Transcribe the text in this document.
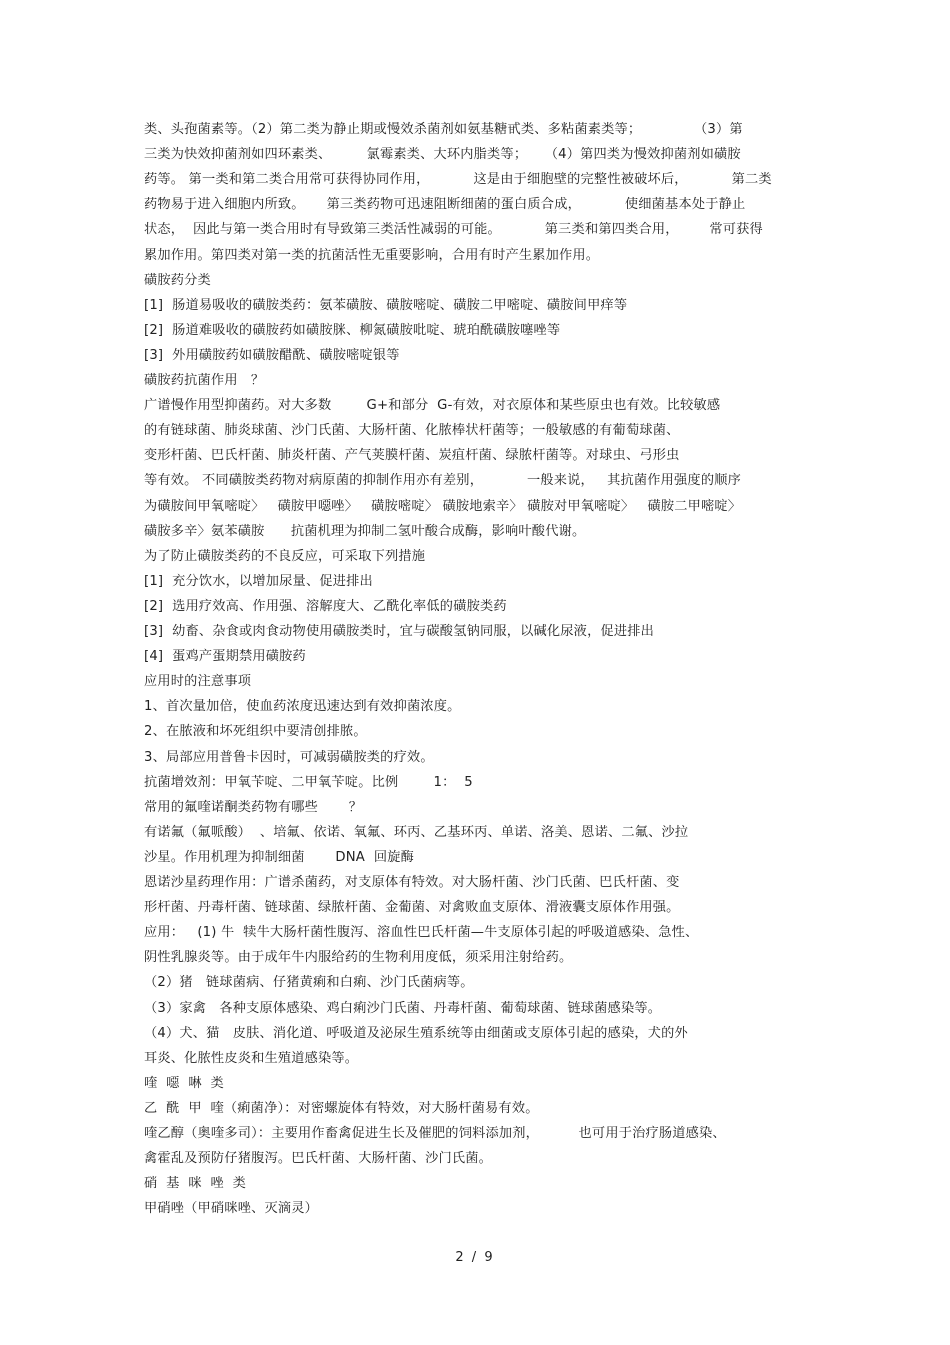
类、头孢菌素等。（2）第二类为静止期或慢效杀菌剂如氨基糖甙类、多粘菌素类等；            （3）第
三类为快效抑菌剂如四环素类、        氯霉素类、大环内脂类等；    （4）第四类为慢效抑菌剂如磺胺
药等。 第一类和第二类合用常可获得协同作用，          这是由于细胞壁的完整性被破坏后，          第二类
药物易于进入细胞内所致。     第三类药物可迅速阻断细菌的蛋白质合成，          使细菌基本处于静止
状态，  因此与第一类合用时有导致第三类活性减弱的可能。          第三类和第四类合用，       常可获得
累加作用。第四类对第一类的抗菌活性无重要影响，合用有时产生累加作用。
磺胺药分类
[1]  肠道易吸收的磺胺类药：氨苯磺胺、磺胺嘧啶、磺胺二甲嘧啶、磺胺间甲痒等
[2]  肠道难吸收的磺胺药如磺胺脒、柳氮磺胺吡啶、琥珀酰磺胺噻唑等
[3]  外用磺胺药如磺胺醋酰、磺胺嘧啶银等
磺胺药抗菌作用   ？
广谱慢作用型抑菌药。对大多数        G+和部分  G-有效，对衣原体和某些原虫也有效。比较敏感
的有链球菌、肺炎球菌、沙门氏菌、大肠杆菌、化脓棒状杆菌等；一般敏感的有葡萄球菌、
变形杆菌、巴氏杆菌、肺炎杆菌、产气荚膜杆菌、炭疽杆菌、绿脓杆菌等。对球虫、弓形虫
等有效。 不同磺胺类药物对病原菌的抑制作用亦有差别，          一般来说，   其抗菌作用强度的顺序
为磺胺间甲氧嘧啶〉   磺胺甲噁唑〉   磺胺嘧啶〉 磺胺地索辛〉 磺胺对甲氧嘧啶〉   磺胺二甲嘧啶〉
磺胺多辛〉氨苯磺胺      抗菌机理为抑制二氢叶酸合成酶，影响叶酸代谢。
为了防止磺胺类药的不良反应，可采取下列措施
[1]  充分饮水，以增加尿量、促进排出
[2]  选用疗效高、作用强、溶解度大、乙酰化率低的磺胺类药
[3]  幼畜、杂食或肉食动物使用磺胺类时，宜与碳酸氢钠同服，以碱化尿液，促进排出
[4]  蛋鸡产蛋期禁用磺胺药
应用时的注意事项
1、首次量加倍，使血药浓度迅速达到有效抑菌浓度。
2、在脓液和坏死组织中要清创排脓。
3、局部应用普鲁卡因时，可减弱磺胺类的疗效。
抗菌增效剂：甲氧苄啶、二甲氧苄啶。比例        1：  5
常用的氟喹诺酮类药物有哪些       ？
有诺氟（氟哌酸）  、培氟、依诺、氧氟、环丙、乙基环丙、单诺、洛美、恩诺、二氟、沙拉
沙星。作用机理为抑制细菌       DNA  回旋酶
恩诺沙星药理作用：广谱杀菌药，对支原体有特效。对大肠杆菌、沙门氏菌、巴氏杆菌、变
形杆菌、丹毒杆菌、链球菌、绿脓杆菌、金葡菌、对禽败血支原体、滑液囊支原体作用强。
应用：   (1) 牛  犊牛大肠杆菌性腹泻、溶血性巴氏杆菌—牛支原体引起的呼吸道感染、急性、
阴性乳腺炎等。由于成年牛内服给药的生物利用度低，须采用注射给药。
（2）猪   链球菌病、仔猪黄痢和白痢、沙门氏菌病等。
（3）家禽   各种支原体感染、鸡白痢沙门氏菌、丹毒杆菌、葡萄球菌、链球菌感染等。
（4）犬、猫   皮肤、消化道、呼吸道及泌尿生殖系统等由细菌或支原体引起的感染，犬的外
耳炎、化脓性皮炎和生殖道感染等。
喹  噁  啉  类
乙  酰  甲  喹（痢菌净）：对密螺旋体有特效，对大肠杆菌易有效。
喹乙醇（奥喹多司）：主要用作畜禽促进生长及催肥的饲料添加剂，         也可用于治疗肠道感染、
禽霍乱及预防仔猪腹泻。巴氏杆菌、大肠杆菌、沙门氏菌。
硝  基  咪  唑  类
甲硝唑（甲硝咪唑、灭滴灵）
2 / 9
